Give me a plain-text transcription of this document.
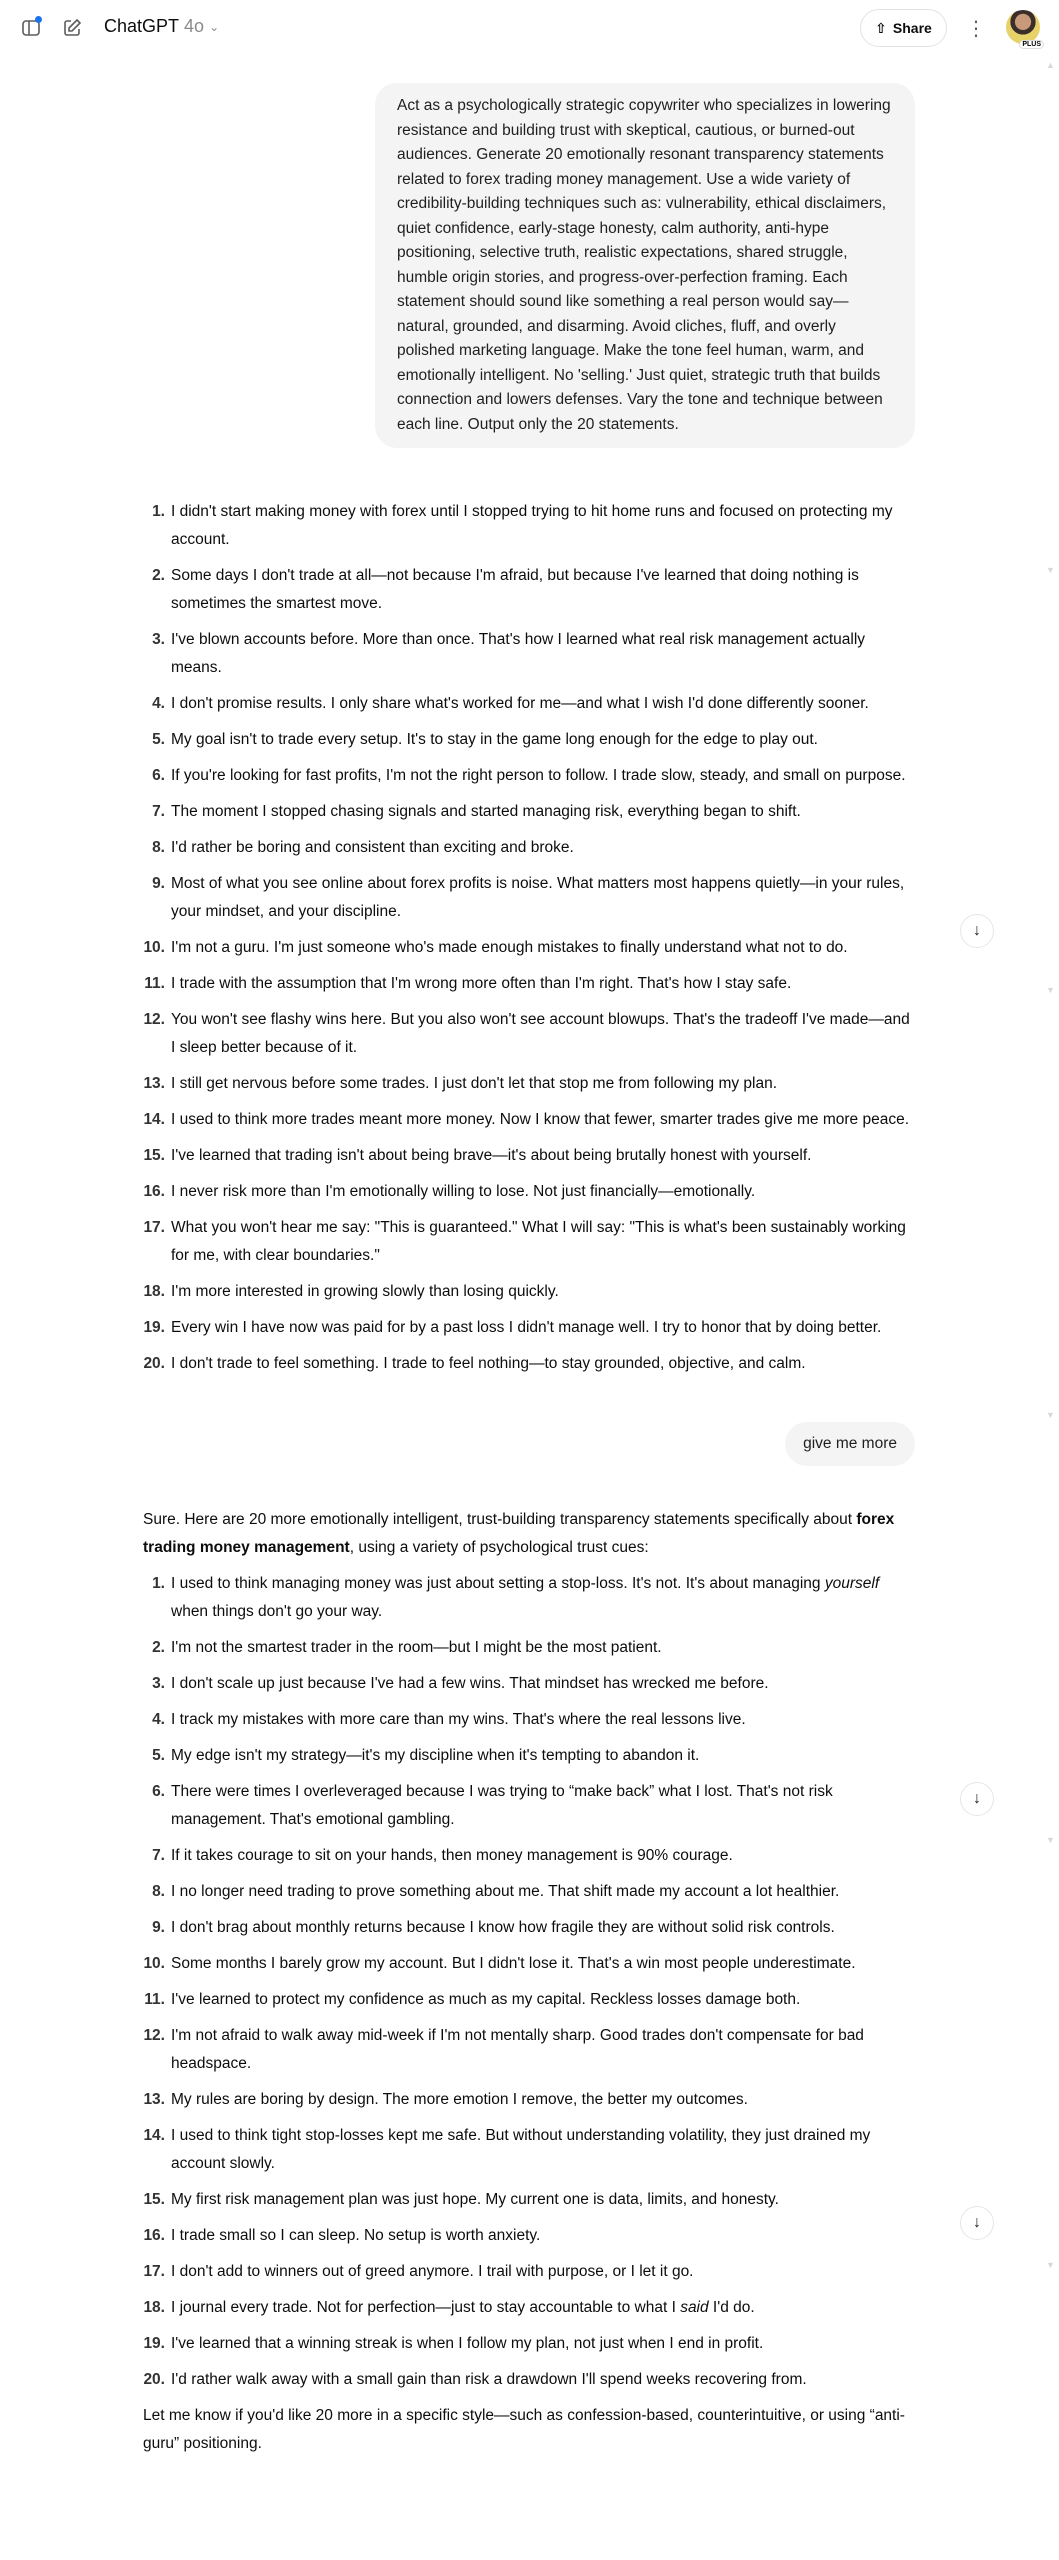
ChatGPT 4o ⌄	⇧ Share ⋮
PLUS
▲
▼
▼
▼
▼
▼
Act as a psychologically strategic copywriter who specializes in lowering resistance and building trust with skeptical, cautious, or burned-out audiences. Generate 20 emotionally resonant transparency statements related to forex trading money management. Use a wide variety of credibility-building techniques such as: vulnerability, ethical disclaimers, quiet confidence, early-stage honesty, calm authority, anti-hype positioning, selective truth, realistic expectations, shared struggle, humble origin stories, and progress-over-perfection framing. Each statement should sound like something a real person would say—natural, grounded, and disarming. Avoid cliches, fluff, and overly polished marketing language. Make the tone feel human, warm, and emotionally intelligent. No 'selling.' Just quiet, strategic truth that builds connection and lowers defenses. Vary the tone and technique between each line. Output only the 20 statements.
1. I didn't start making money with forex until I stopped trying to hit home runs and focused on protecting my account.
2. Some days I don't trade at all—not because I'm afraid, but because I've learned that doing nothing is sometimes the smartest move.
3. I've blown accounts before. More than once. That's how I learned what real risk management actually means.
4. I don't promise results. I only share what's worked for me—and what I wish I'd done differently sooner.
5. My goal isn't to trade every setup. It's to stay in the game long enough for the edge to play out.
6. If you're looking for fast profits, I'm not the right person to follow. I trade slow, steady, and small on purpose.
7. The moment I stopped chasing signals and started managing risk, everything began to shift.
8. I'd rather be boring and consistent than exciting and broke.
9. Most of what you see online about forex profits is noise. What matters most happens quietly—in your rules, your mindset, and your discipline.
10. I'm not a guru. I'm just someone who's made enough mistakes to finally understand what not to do.
11. I trade with the assumption that I'm wrong more often than I'm right. That's how I stay safe.
12. You won't see flashy wins here. But you also won't see account blowups. That's the tradeoff I've made—and I sleep better because of it.
13. I still get nervous before some trades. I just don't let that stop me from following my plan.
14. I used to think more trades meant more money. Now I know that fewer, smarter trades give me more peace.
15. I've learned that trading isn't about being brave—it's about being brutally honest with yourself.
16. I never risk more than I'm emotionally willing to lose. Not just financially—emotionally.
17. What you won't hear me say: "This is guaranteed." What I will say: "This is what's been sustainably working for me, with clear boundaries."
18. I'm more interested in growing slowly than losing quickly.
19. Every win I have now was paid for by a past loss I didn't manage well. I try to honor that by doing better.
20. I don't trade to feel something. I trade to feel nothing—to stay grounded, objective, and calm.
give me more

Sure. Here are 20 more emotionally intelligent, trust-building transparency statements specifically about forex trading money management, using a variety of psychological trust cues:

1. I used to think managing money was just about setting a stop-loss. It's not. It's about managing yourself when things don't go your way.
2. I'm not the smartest trader in the room—but I might be the most patient.
3. I don't scale up just because I've had a few wins. That mindset has wrecked me before.
4. I track my mistakes with more care than my wins. That's where the real lessons live.
5. My edge isn't my strategy—it's my discipline when it's tempting to abandon it.
6. There were times I overleveraged because I was trying to “make back” what I lost. That's not risk management. That's emotional gambling.
7. If it takes courage to sit on your hands, then money management is 90% courage.
8. I no longer need trading to prove something about me. That shift made my account a lot healthier.
9. I don't brag about monthly returns because I know how fragile they are without solid risk controls.
10. Some months I barely grow my account. But I didn't lose it. That's a win most people underestimate.
11. I've learned to protect my confidence as much as my capital. Reckless losses damage both.
12. I'm not afraid to walk away mid-week if I'm not mentally sharp. Good trades don't compensate for bad headspace.
13. My rules are boring by design. The more emotion I remove, the better my outcomes.
14. I used to think tight stop-losses kept me safe. But without understanding volatility, they just drained my account slowly.
15. My first risk management plan was just hope. My current one is data, limits, and honesty.
16. I trade small so I can sleep. No setup is worth anxiety.
17. I don't add to winners out of greed anymore. I trail with purpose, or I let it go.
18. I journal every trade. Not for perfection—just to stay accountable to what I said I'd do.
19. I've learned that a winning streak is when I follow my plan, not just when I end in profit.
20. I'd rather walk away with a small gain than risk a drawdown I'll spend weeks recovering from.

Let me know if you'd like 20 more in a specific style—such as confession-based, counterintuitive, or using “anti-guru” positioning.

↓
↓
↓
